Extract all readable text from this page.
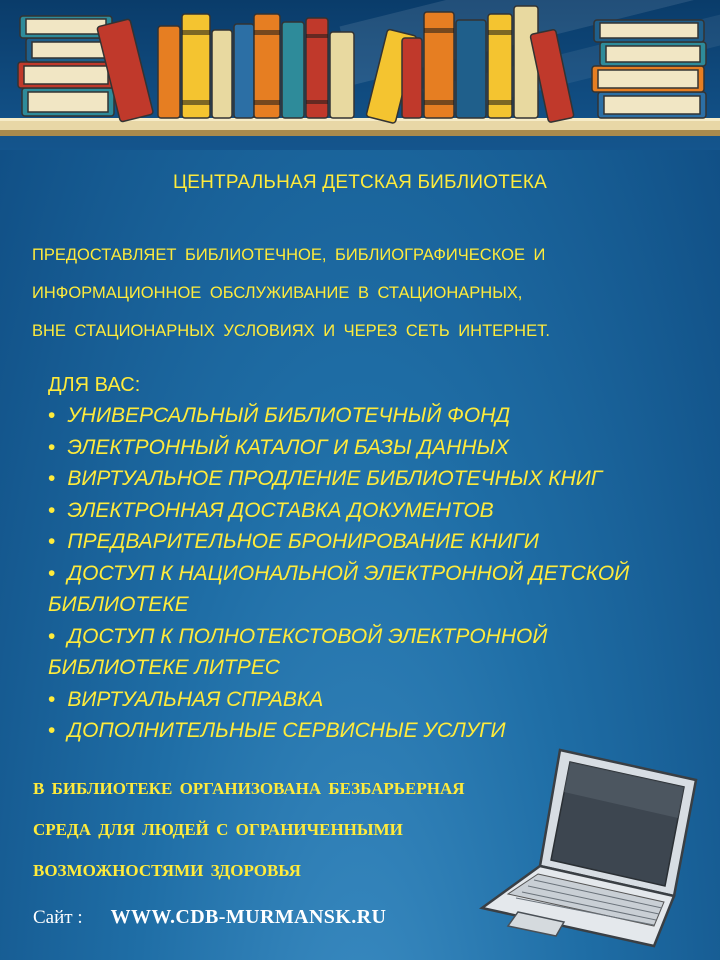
ЦЕНТРАЛЬНАЯ ДЕТСКАЯ БИБЛИОТЕКА
ПРЕДОСТАВЛЯЕТ БИБЛИОТЕЧНОЕ, БИБЛИОГРАФИЧЕСКОЕ И
ИНФОРМАЦИОННОЕ ОБСЛУЖИВАНИЕ В СТАЦИОНАРНЫХ,
ВНЕ СТАЦИОНАРНЫХ УСЛОВИЯХ И ЧЕРЕЗ СЕТЬ ИНТЕРНЕТ.
ДЛЯ ВАС:
• УНИВЕРСАЛЬНЫЙ БИБЛИОТЕЧНЫЙ ФОНД
• ЭЛЕКТРОННЫЙ КАТАЛОГ И БАЗЫ ДАННЫХ
• ВИРТУАЛЬНОЕ ПРОДЛЕНИЕ БИБЛИОТЕЧНЫХ КНИГ
• ЭЛЕКТРОННАЯ ДОСТАВКА ДОКУМЕНТОВ
• ПРЕДВАРИТЕЛЬНОЕ БРОНИРОВАНИЕ КНИГИ
• ДОСТУП К НАЦИОНАЛЬНОЙ ЭЛЕКТРОННОЙ ДЕТСКОЙ
БИБЛИОТЕКЕ
• ДОСТУП К ПОЛНОТЕКСТОВОЙ ЭЛЕКТРОННОЙ
БИБЛИОТЕКЕ ЛИТРЕС
• ВИРТУАЛЬНАЯ СПРАВКА
• ДОПОЛНИТЕЛЬНЫЕ СЕРВИСНЫЕ УСЛУГИ
В БИБЛИОТЕКЕ ОРГАНИЗОВАНА БЕЗБАРЬЕРНАЯ
СРЕДА ДЛЯ ЛЮДЕЙ С ОГРАНИЧЕННЫМИ
ВОЗМОЖНОСТЯМИ ЗДОРОВЬЯ
Сайт : WWW.CDB-MURMANSK.RU
